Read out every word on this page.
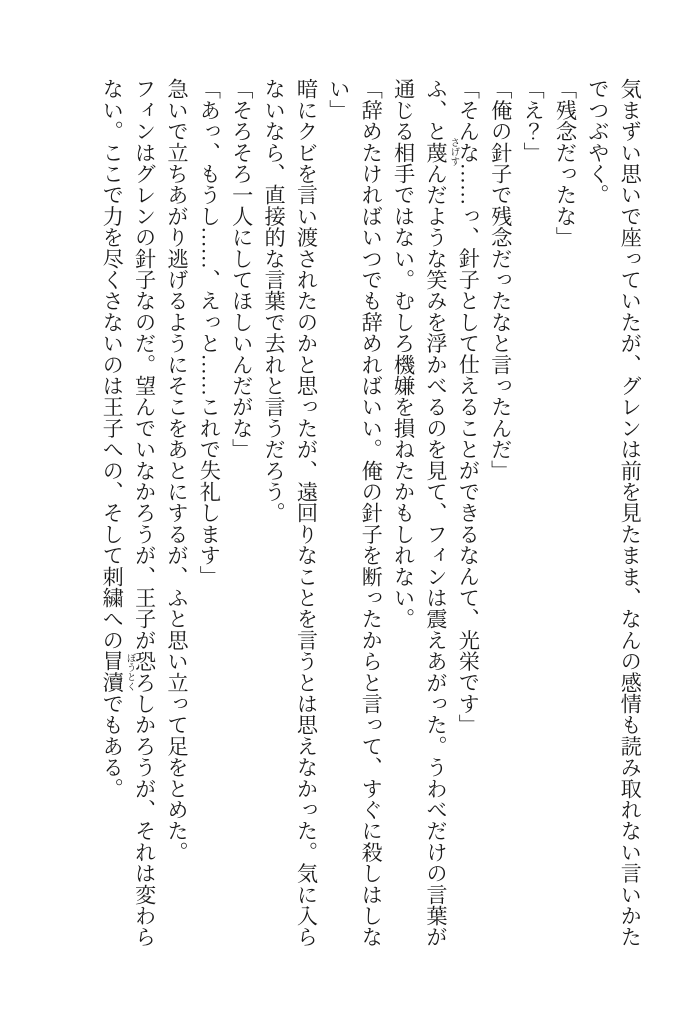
気まずい思いで座っていたが、グレンは前を見たまま、なんの感情も読み取れない言いかた
でつぶやく。
「残念だったな」
「え？」
「俺の針子で残念だったなと言ったんだ」
「そんな……っ、針子として仕えることができるなんて、光栄です」
ふ、と蔑 さげす
んだような笑みを浮かべるのを見て、フィンは震えあがった。うわべだけの言葉が
通じる相手ではない。むしろ機嫌を損ねたかもしれない。
「辞めたければいつでも辞めればいい。俺の針子を断ったからと言って、すぐに殺しはしな
い」
暗にクビを言い渡されたのかと思ったが、遠回りなことを言うとは思えなかった。気に入ら
ないなら、直接的な言葉で去れと言うだろう。
「そろそろ一人にしてほしいんだがな」
「あっ、もうし……、えっと……これで失礼します」
急いで立ちあがり逃げるようにそこをあとにするが、ふと思い立って足をとめた。
フィンはグレンの針子なのだ。望んでいなかろうが、王子が恐ろしかろうが、それは変わら
ない。ここで力を尽くさないのは王子への、そして刺繍への冒瀆 ぼうとく
でもある。
